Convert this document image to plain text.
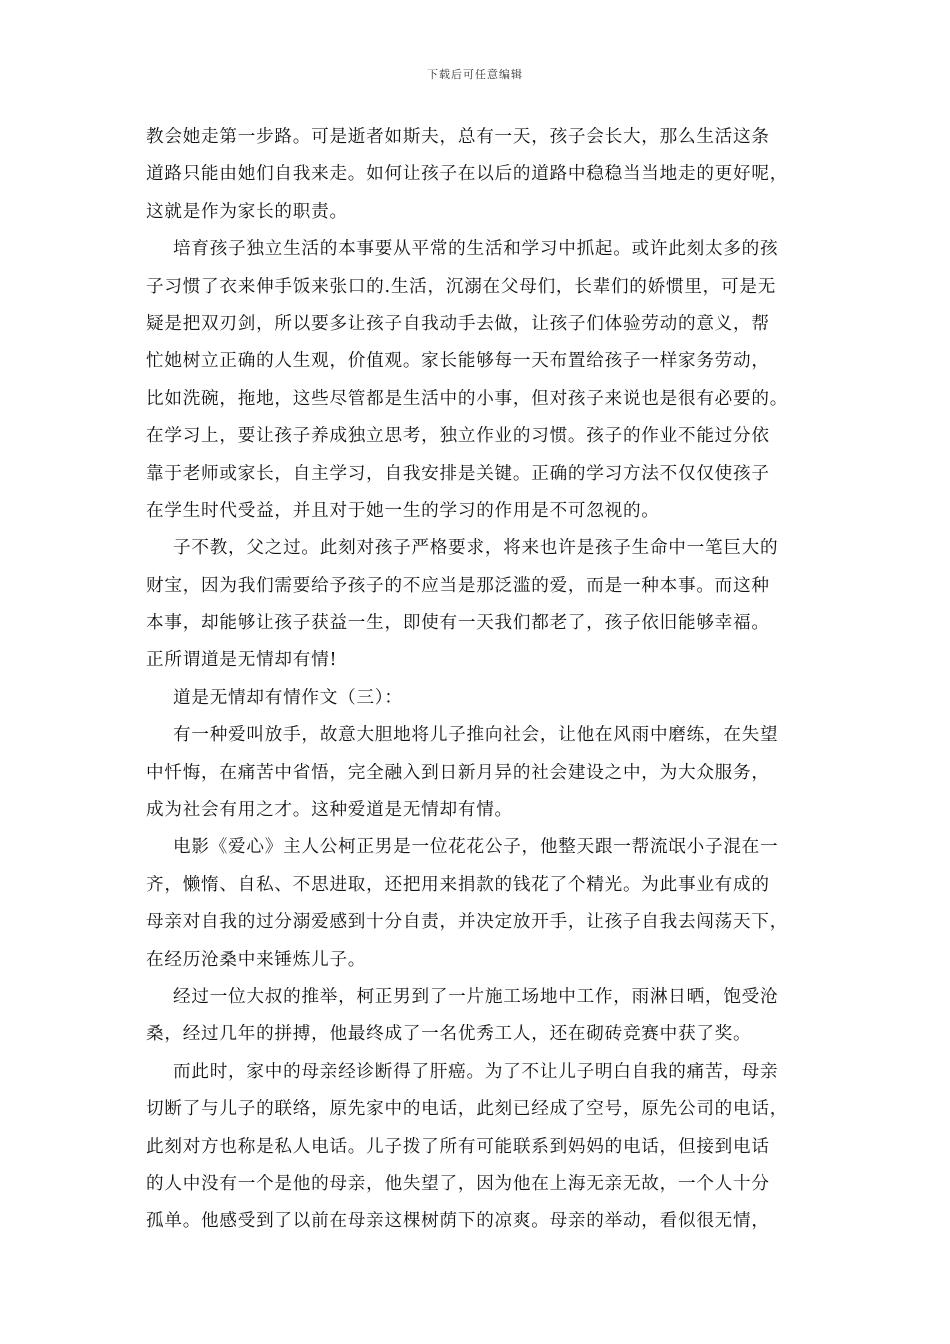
下载后可任意编辑
教会她走第一步路。可是逝者如斯夫，总有一天，孩子会长大，那么生活这条
道路只能由她们自我来走。如何让孩子在以后的道路中稳稳当当地走的更好呢，
这就是作为家长的职责。
培育孩子独立生活的本事要从平常的生活和学习中抓起。或许此刻太多的孩
子习惯了衣来伸手饭来张口的.生活，沉溺在父母们，长辈们的娇惯里，可是无
疑是把双刃剑，所以要多让孩子自我动手去做，让孩子们体验劳动的意义，帮
忙她树立正确的人生观，价值观。家长能够每一天布置给孩子一样家务劳动，
比如洗碗，拖地，这些尽管都是生活中的小事，但对孩子来说也是很有必要的。
在学习上，要让孩子养成独立思考，独立作业的习惯。孩子的作业不能过分依
靠于老师或家长，自主学习，自我安排是关键。正确的学习方法不仅仅使孩子
在学生时代受益，并且对于她一生的学习的作用是不可忽视的。
子不教，父之过。此刻对孩子严格要求，将来也许是孩子生命中一笔巨大的
财宝，因为我们需要给予孩子的不应当是那泛滥的爱，而是一种本事。而这种
本事，却能够让孩子获益一生，即使有一天我们都老了，孩子依旧能够幸福。
正所谓道是无情却有情!
道是无情却有情作文（三）：
有一种爱叫放手，故意大胆地将儿子推向社会，让他在风雨中磨练，在失望
中忏悔，在痛苦中省悟，完全融入到日新月异的社会建设之中，为大众服务，
成为社会有用之才。这种爱道是无情却有情。
电影《爱心》主人公柯正男是一位花花公子，他整天跟一帮流氓小子混在一
齐，懒惰、自私、不思进取，还把用来捐款的钱花了个精光。为此事业有成的
母亲对自我的过分溺爱感到十分自责，并决定放开手，让孩子自我去闯荡天下，
在经历沧桑中来锤炼儿子。
经过一位大叔的推举，柯正男到了一片施工场地中工作，雨淋日晒，饱受沧
桑，经过几年的拼搏，他最终成了一名优秀工人，还在砌砖竞赛中获了奖。
而此时，家中的母亲经诊断得了肝癌。为了不让儿子明白自我的痛苦，母亲
切断了与儿子的联络，原先家中的电话，此刻已经成了空号，原先公司的电话，
此刻对方也称是私人电话。儿子拨了所有可能联系到妈妈的电话，但接到电话
的人中没有一个是他的母亲，他失望了，因为他在上海无亲无故，一个人十分
孤单。他感受到了以前在母亲这棵树荫下的凉爽。母亲的举动，看似很无情，
